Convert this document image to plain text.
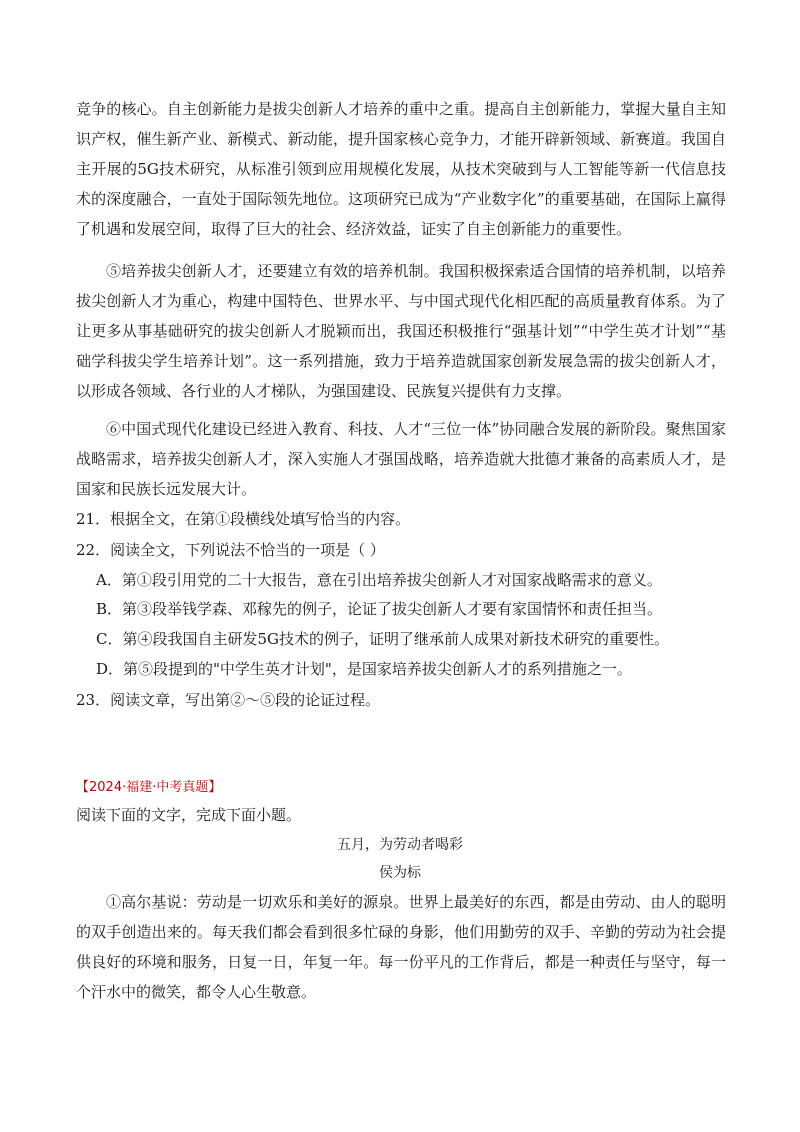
竞争的核心。自主创新能力是拔尖创新人才培养的重中之重。提高自主创新能力，掌握大量自主知识产权，催生新产业、新模式、新动能，提升国家核心竞争力，才能开辟新领域、新赛道。我国自主开展的5G技术研究，从标准引领到应用规模化发展，从技术突破到与人工智能等新一代信息技术的深度融合，一直处于国际领先地位。这项研究已成为“产业数字化”的重要基础，在国际上赢得了机遇和发展空间，取得了巨大的社会、经济效益，证实了自主创新能力的重要性。

⑤培养拔尖创新人才，还要建立有效的培养机制。我国积极探索适合国情的培养机制，以培养拔尖创新人才为重心，构建中国特色、世界水平、与中国式现代化相匹配的高质量教育体系。为了让更多从事基础研究的拔尖创新人才脱颖而出，我国还积极推行“强基计划”“中学生英才计划”“基础学科拔尖学生培养计划”。这一系列措施，致力于培养造就国家创新发展急需的拔尖创新人才，以形成各领域、各行业的人才梯队，为强国建设、民族复兴提供有力支撑。

⑥中国式现代化建设已经进入教育、科技、人才“三位一体”协同融合发展的新阶段。聚焦国家战略需求，培养拔尖创新人才，深入实施人才强国战略，培养造就大批德才兼备的高素质人才，是国家和民族长远发展大计。

21．根据全文，在第①段横线处填写恰当的内容。

22．阅读全文，下列说法不恰当的一项是（ ）

A．第①段引用党的二十大报告，意在引出培养拔尖创新人才对国家战略需求的意义。

B．第③段举钱学森、邓稼先的例子，论证了拔尖创新人才要有家国情怀和责任担当。

C．第④段我国自主研发5G技术的例子，证明了继承前人成果对新技术研究的重要性。

D．第⑤段提到的"中学生英才计划"，是国家培养拔尖创新人才的系列措施之一。

23．阅读文章，写出第②～⑤段的论证过程。

【2024·福建·中考真题】
阅读下面的文字，完成下面小题。
五月，为劳动者喝彩
侯为标

①高尔基说：劳动是一切欢乐和美好的源泉。世界上最美好的东西，都是由劳动、由人的聪明的双手创造出来的。每天我们都会看到很多忙碌的身影，他们用勤劳的双手、辛勤的劳动为社会提供良好的环境和服务，日复一日，年复一年。每一份平凡的工作背后，都是一种责任与坚守，每一个汗水中的微笑，都令人心生敬意。
